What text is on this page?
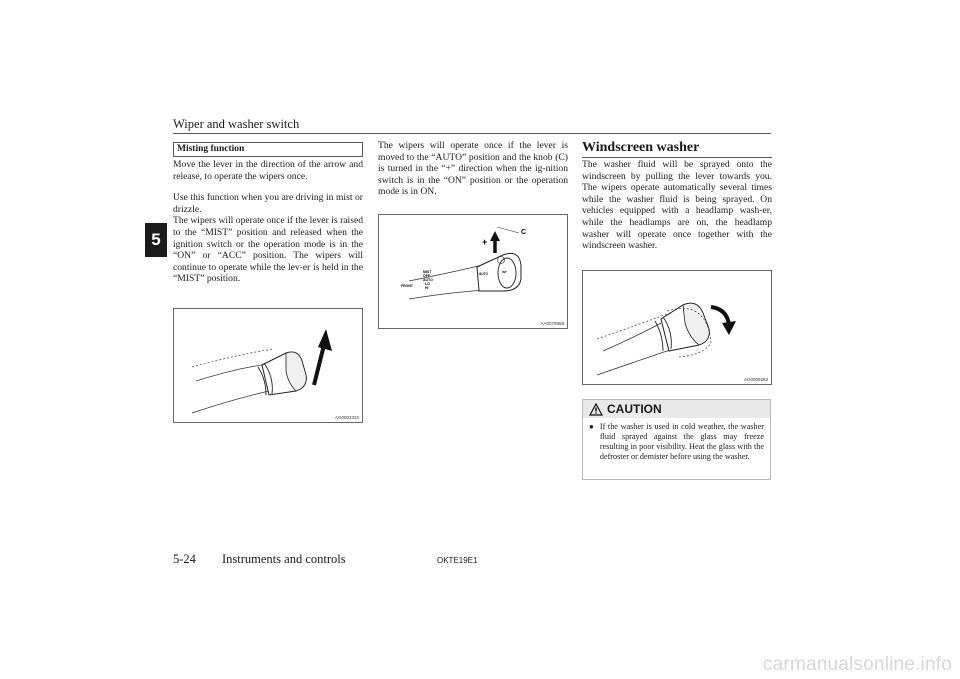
Wiper and washer switch
5
Misting function

Move the lever in the direction of the arrow and release, to operate the wipers once.

Use this function when you are driving in mist or drizzle.

The wipers will operate once if the lever is raised to the “MIST” position and released when the ignition switch or the operation mode is in the “ON” or “ACC” position. The wipers will continue to operate while the lev-er is held in the “MIST” position.

AG0002332

The wipers will operate once if the lever is moved to the “AUTO” position and the knob (C) is turned in the “+” direction when the ig-nition switch is in the “ON” position or the operation mode is in ON.

C
+
FRONT
MIST
OFF
AUTO
LO
HI
AUTO	INT
AA0075958
Windscreen washer

The washer fluid will be sprayed onto the windscreen by pulling the lever towards you. The wipers operate automatically several times while the washer fluid is being sprayed. On vehicles equipped with a headlamp wash-er, while the headlamps are on, the headlamp washer will operate once together with the windscreen washer.

AG0009283
CAUTION
● If the washer is used in cold weather, the washer fluid sprayed against the glass may freeze resulting in poor visibility. Heat the glass with the defroster or demister before using the washer.
5-24 Instruments and controls	OKTE19E1
carmanualsonline.info
